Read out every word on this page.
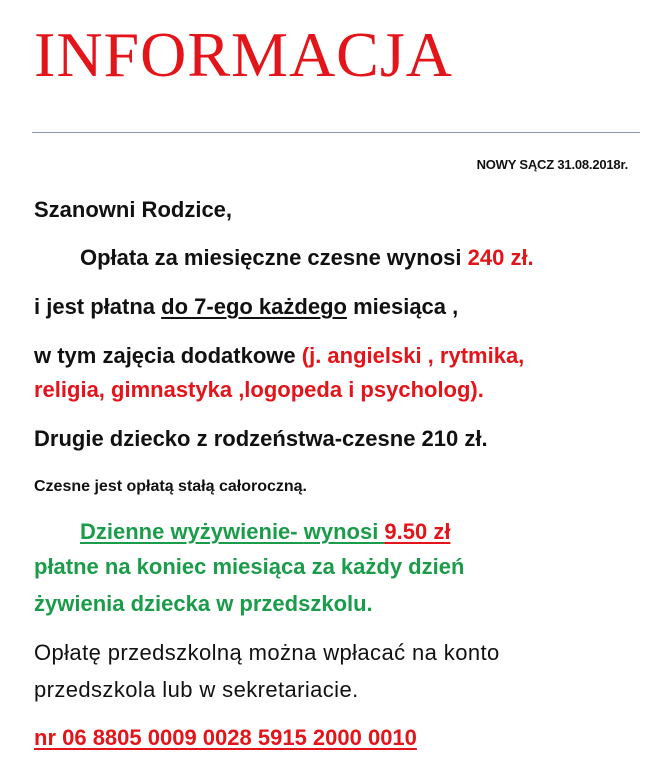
INFORMACJA
NOWY SĄCZ 31.08.2018r.
Szanowni Rodzice,
Opłata za miesięczne czesne wynosi 240 zł.
i jest płatna do 7-ego każdego miesiąca ,
w tym zajęcia dodatkowe (j. angielski , rytmika,
religia, gimnastyka ,logopeda i psycholog).
Drugie dziecko z rodzeństwa-czesne 210 zł.
Czesne jest opłatą stałą całoroczną.
Dzienne wyżywienie- wynosi 9.50 zł
płatne na koniec miesiąca za każdy dzień
żywienia dziecka w przedszkolu.
Opłatę przedszkolną można wpłacać na konto
przedszkola lub w sekretariacie.
nr 06 8805 0009 0028 5915 2000 0010
